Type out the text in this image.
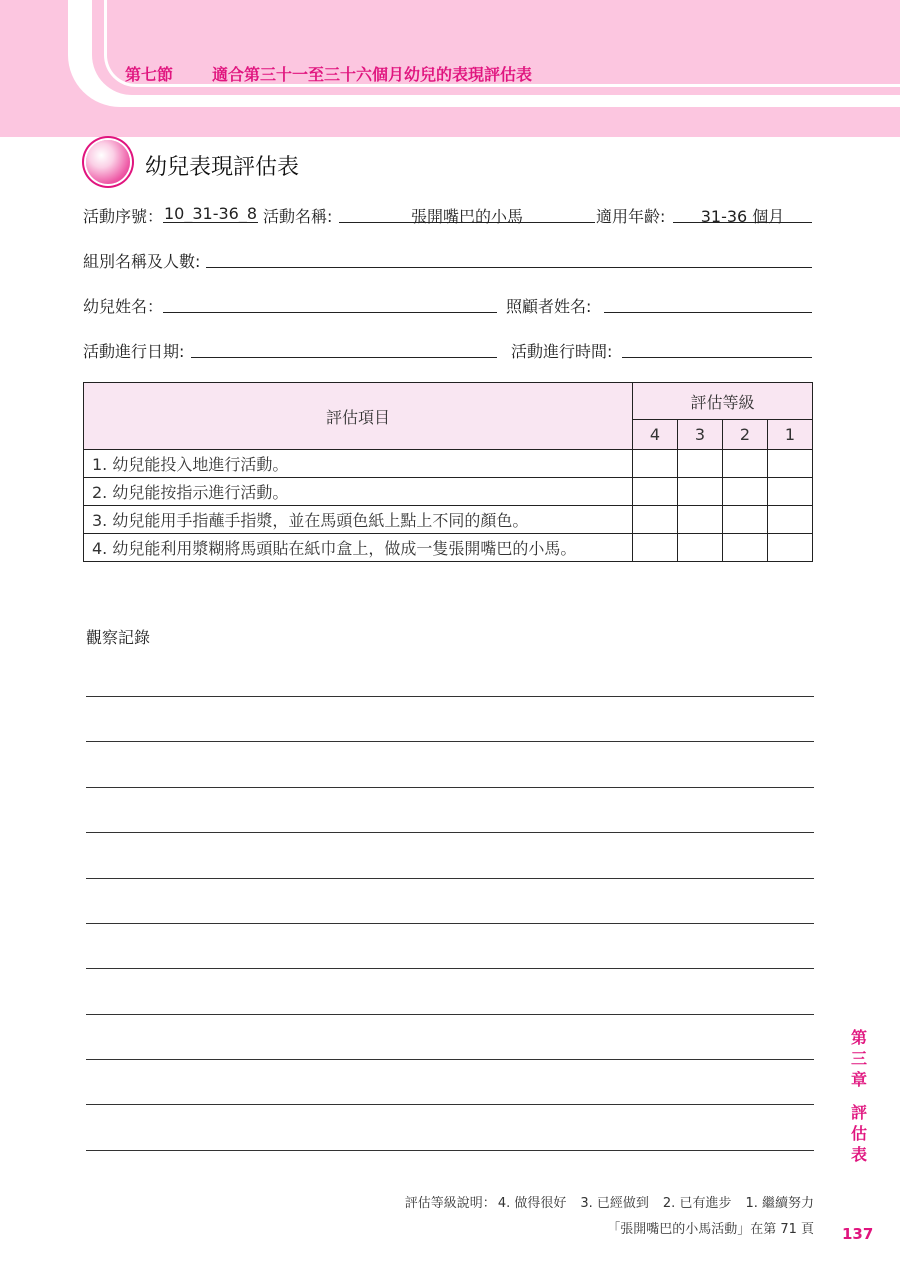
第七節 適合第三十一至三十六個月幼兒的表現評估表
幼兒表現評估表
活動序號： 10_31-36_8 活動名稱:	張開嘴巴的小馬	適用年齡:	31-36 個月
組別名稱及人數:
幼兒姓名：	照顧者姓名:
活動進行日期:	活動進行時間:
評估項目	評估等級			
	4	3	2	1
1. 幼兒能投入地進行活動。				
2. 幼兒能按指示進行活動。				
3. 幼兒能用手指蘸手指漿，並在馬頭色紙上點上不同的顏色。				
4. 幼兒能利用漿糊將馬頭貼在紙巾盒上，做成一隻張開嘴巴的小馬。				
觀察記錄
第三章
評估表
評估等級說明： 4. 做得很好 3. 已經做到 2. 已有進步 1. 繼續努力
「張開嘴巴的小馬活動」在第 71 頁 137
